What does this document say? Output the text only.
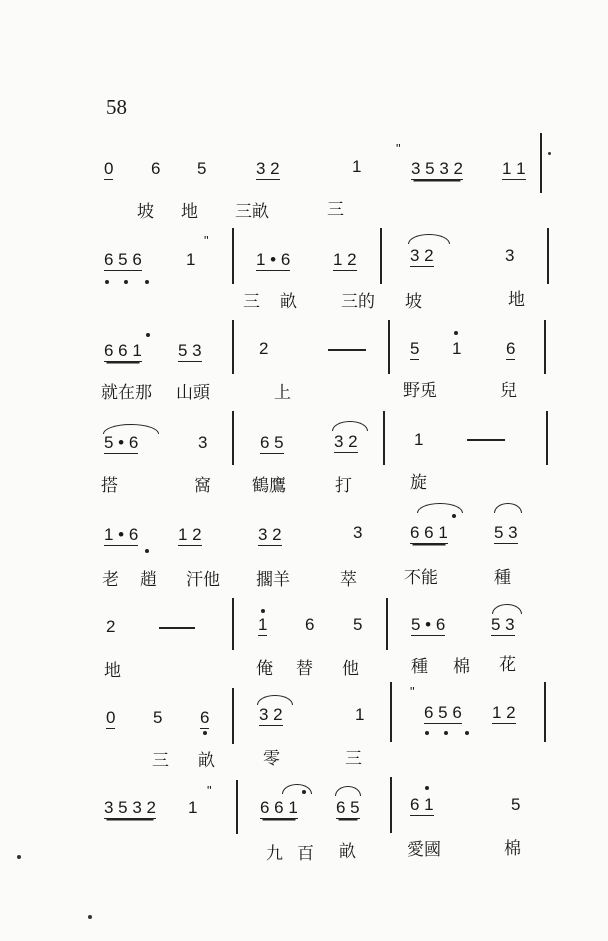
58
0 6 5	3 2	1
"
3 5 3 2 1 1
坡 地 三畝	三
6 5 6
"
1	1 • 6	1 2	3 2	3
三 畝	三的 坡	地
6 6 1 5 3	2	5 1	6
就在那 山頭	上	野兎	兒
5 • 6	3	6 5	3 2	1
搭	窩 鶴鷹	打	旋
1 • 6 1 2	3 2	3	6 6 1	5 3
老 趙 汗他 擱羊	萃	不能	種
2	1 6 5	5 • 6	5 3
地	俺 替 他	種 棉 花
0 5 6	3 2	1
"
6 5 6 1 2
三 畝	零	三
3 5 3 2 1
"
6 6 1 6 5	6 1	5
九 百 畝	愛國	棉
